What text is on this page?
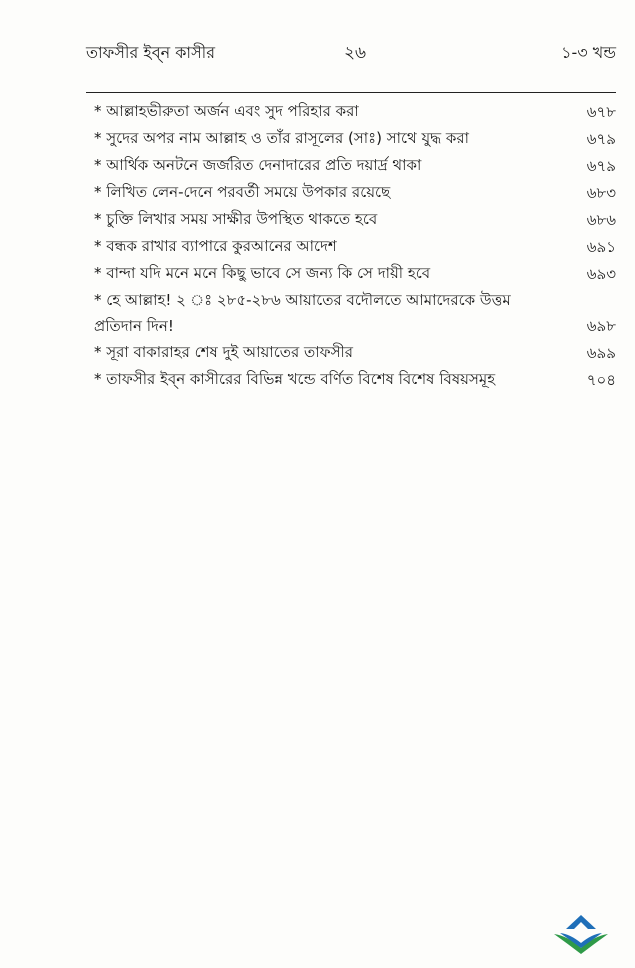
তাফসীর ইব্‌ন কাসীর	২৬	১-৩ খন্ড
* আল্লাহভীরুতা অর্জন এবং সুদ পরিহার করা	৬৭৮
* সুদের অপর নাম আল্লাহ ও তাঁর রাসূলের (সাঃ) সাথে যুদ্ধ করা	৬৭৯
* আর্থিক অনটনে জর্জরিত দেনাদারের প্রতি দয়ার্দ্র থাকা	৬৭৯
* লিখিত লেন-দেনে পরবর্তী সময়ে উপকার রয়েছে	৬৮৩
* চুক্তি লিখার সময় সাক্ষীর উপস্থিত থাকতে হবে	৬৮৬
* বন্ধক রাখার ব্যাপারে কুরআনের আদেশ	৬৯১
* বান্দা যদি মনে মনে কিছু ভাবে সে জন্য কি সে দায়ী হবে	৬৯৩
* হে আল্লাহ! ২ ঃ ২৮৫-২৮৬ আয়াতের বদৌলতে আমাদেরকে উত্তম প্রতিদান দিন!	৬৯৮
* সূরা বাকারাহর শেষ দুই আয়াতের তাফসীর	৬৯৯
* তাফসীর ইব্‌ন কাসীরের বিভিন্ন খন্ডে বর্ণিত বিশেষ বিশেষ বিষয়সমূহ	৭০৪
